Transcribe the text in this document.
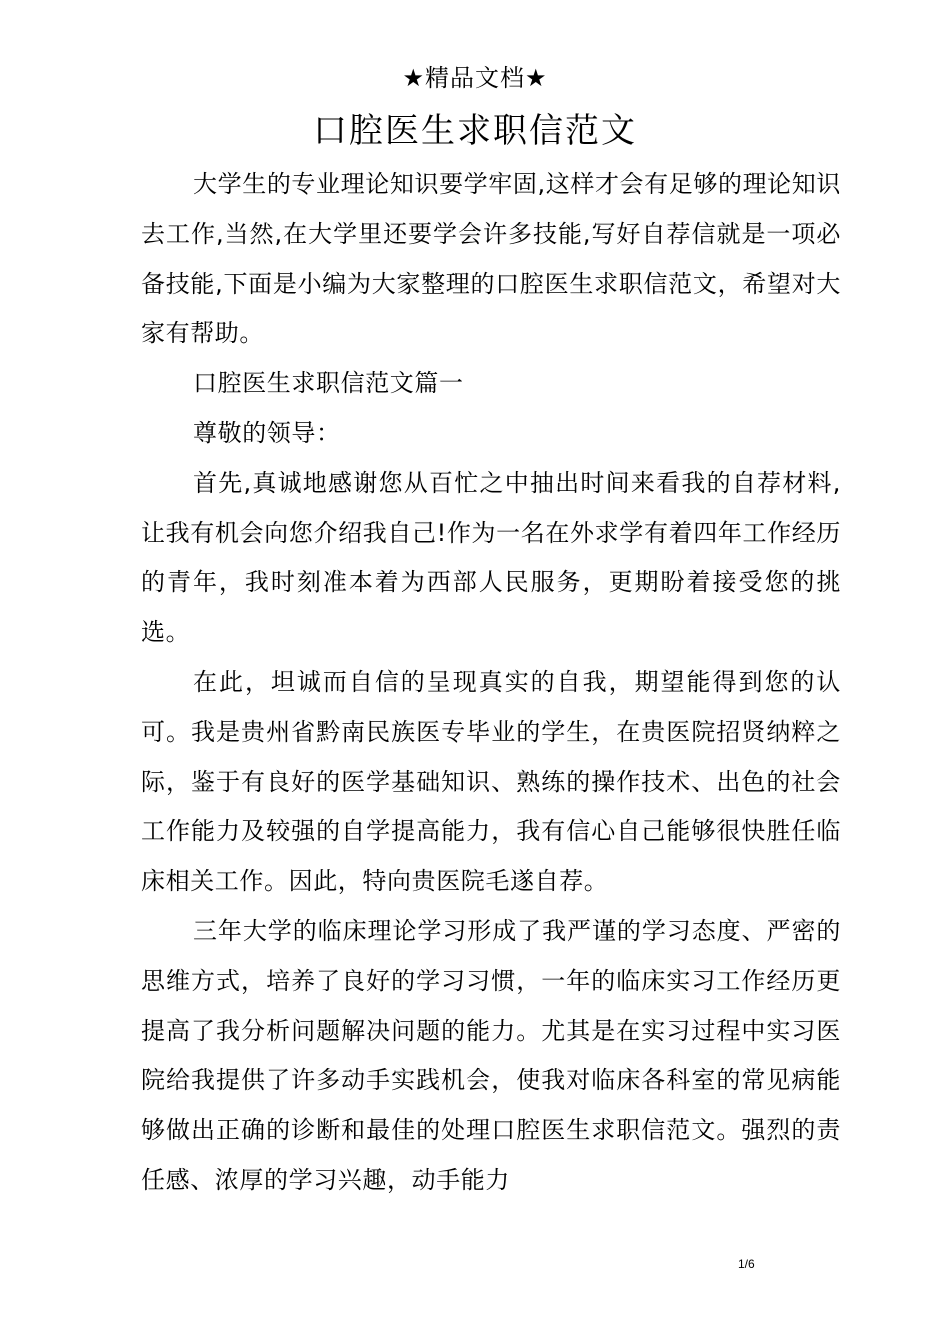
★精品文档★
口腔医生求职信范文

大学生的专业理论知识要学牢固,这样才会有足够的理论知识去工作,当然,在大学里还要学会许多技能,写好自荐信就是一项必备技能,下面是小编为大家整理的口腔医生求职信范文，希望对大家有帮助。

口腔医生求职信范文篇一

尊敬的领导：

首先,真诚地感谢您从百忙之中抽出时间来看我的自荐材料,让我有机会向您介绍我自己!作为一名在外求学有着四年工作经历的青年，我时刻准本着为西部人民服务，更期盼着接受您的挑选。

在此，坦诚而自信的呈现真实的自我，期望能得到您的认可。我是贵州省黔南民族医专毕业的学生，在贵医院招贤纳粹之际，鉴于有良好的医学基础知识、熟练的操作技术、出色的社会工作能力及较强的自学提高能力，我有信心自己能够很快胜任临床相关工作。因此，特向贵医院毛遂自荐。

三年大学的临床理论学习形成了我严谨的学习态度、严密的思维方式，培养了良好的学习习惯，一年的临床实习工作经历更提高了我分析问题解决问题的能力。尤其是在实习过程中实习医院给我提供了许多动手实践机会，使我对临床各科室的常见病能够做出正确的诊断和最佳的处理口腔医生求职信范文。强烈的责任感、浓厚的学习兴趣，动手能力

1/6
